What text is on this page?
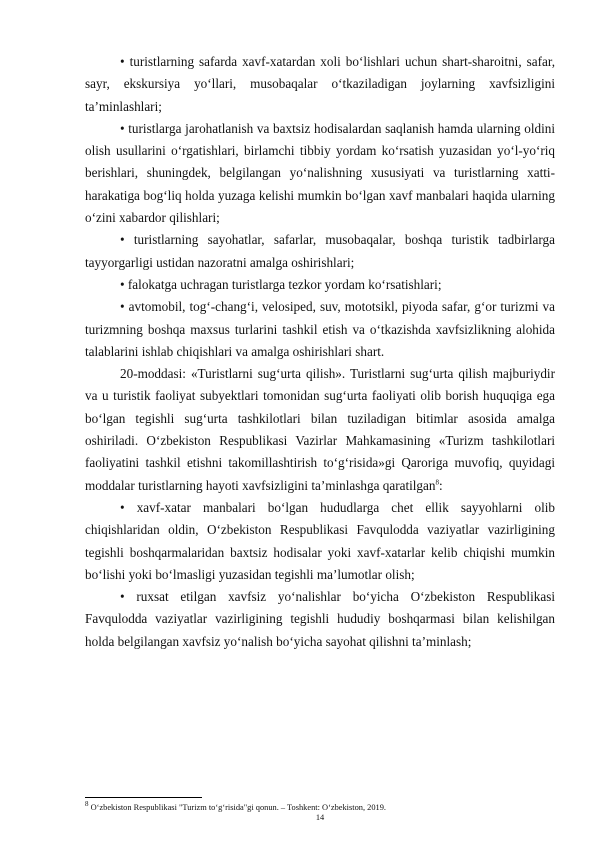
• turistlarning safarda xavf-xatardan xoli bo‘lishlari uchun shart-sharoitni, safar, sayr, ekskursiya yo‘llari, musobaqalar o‘tkaziladigan joylarning xavfsizligini ta’minlashlari;

• turistlarga jarohatlanish va baxtsiz hodisalardan saqlanish hamda ularning oldini olish usullarini o‘rgatishlari, birlamchi tibbiy yordam ko‘rsatish yuzasidan yo‘l-yo‘riq berishlari, shuningdek, belgilangan yo‘nalishning xususiyati va turistlarning xatti-harakatiga bog‘liq holda yuzaga kelishi mumkin bo‘lgan xavf manbalari haqida ularning o‘zini xabardor qilishlari;

• turistlarning sayohatlar, safarlar, musobaqalar, boshqa turistik tadbirlarga tayyorgarligi ustidan nazoratni amalga oshirishlari;

• falokatga uchragan turistlarga tezkor yordam ko‘rsatishlari;

• avtomobil, tog‘-chang‘i, velosiped, suv, mototsikl, piyoda safar, g‘or turizmi va turizmning boshqa maxsus turlarini tashkil etish va o‘tkazishda xavfsizlikning alohida talablarini ishlab chiqishlari va amalga oshirishlari shart.

20-moddasi: «Turistlarni sug‘urta qilish». Turistlarni sug‘urta qilish majburiydir va u turistik faoliyat subyektlari tomonidan sug‘urta faoliyati olib borish huquqiga ega bo‘lgan tegishli sug‘urta tashkilotlari bilan tuziladigan bitimlar asosida amalga oshiriladi. O‘zbekiston Respublikasi Vazirlar Mahkamasining «Turizm tashkilotlari faoliyatini tashkil etishni takomillashtirish to‘g‘risida»gi Qaroriga muvofiq, quyidagi moddalar turistlarning hayoti xavfsizligini ta’minlashga qaratilgan$^8$:

• xavf-xatar manbalari bo‘lgan hududlarga chet ellik sayyohlarni olib chiqishlaridan oldin, O‘zbekiston Respublikasi Favqulodda vaziyatlar vazirligining tegishli boshqarmalaridan baxtsiz hodisalar yoki xavf-xatarlar kelib chiqishi mumkin bo‘lishi yoki bo‘lmasligi yuzasidan tegishli ma’lumotlar olish;

• ruxsat etilgan xavfsiz yo‘nalishlar bo‘yicha O‘zbekiston Respublikasi Favqulodda vaziyatlar vazirligining tegishli hududiy boshqarmasi bilan kelishilgan holda belgilangan xavfsiz yo‘nalish bo‘yicha sayohat qilishni ta’minlash;

$^8$ O‘zbekiston Respublikasi "Turizm to‘g‘risida"gi qonun. – Toshkent: O‘zbekiston, 2019.

14
